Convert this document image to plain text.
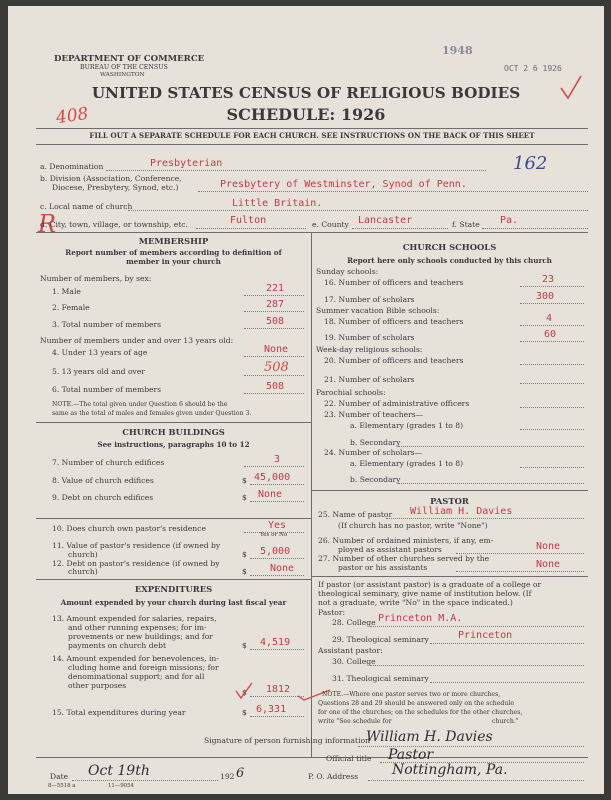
1948
OCT 2 6 1926
408
162
R
DEPARTMENT OF COMMERCE
BUREAU OF THE CENSUS
WASHINGTON
UNITED STATES CENSUS OF RELIGIOUS BODIES
SCHEDULE: 1926
FILL OUT A SEPARATE SCHEDULE FOR EACH CHURCH. SEE INSTRUCTIONS ON THE BACK OF THIS SHEET
a. Denomination	Presbyterian
b. Division (Association, Conference,
Diocese, Presbytery, Synod, etc.)	Presbytery of Westminster, Synod of Penn.
c. Local name of church	Little Britain.
d. City, town, village, or township, etc.	Fulton	e. County Lancaster	f. State Pa.
MEMBERSHIP
Report number of members according to definition of
member in your church
Number of members, by sex:
1. Male	221
2. Female	287
3. Total number of members	508
Number of members under and over 13 years old:
4. Under 13 years of age	None
5. 13 years old and over	508
6. Total number of members	508
NOTE.—The total given under Question 6 should be the
same as the total of males and females given under Question 3.
CHURCH BUILDINGS
See instructions, paragraphs 10 to 12
7. Number of church edifices	3
8. Value of church edifices	$ 45,000
9. Debt on church edifices	$ None
10. Does church own pastor's residence	Yes
Yes or No
11. Value of pastor's residence (if owned by
church)	$ 5,000
12. Debt on pastor's residence (if owned by
church)	$ None
EXPENDITURES
Amount expended by your church during last fiscal year
13. Amount expended for salaries, repairs,
and other running expenses; for im-
provements or new buildings; and for
payments on church debt	$ 4,519
14. Amount expended for benevolences, in-
cluding home and foreign missions; for
denominational support; and for all
other purposes
$ 1812
15. Total expenditures during year	$ 6,331
CHURCH SCHOOLS
Report here only schools conducted by this church
Sunday schools:
16. Number of officers and teachers	23
17. Number of scholars	300
Summer vacation Bible schools:
18. Number of officers and teachers	4
19. Number of scholars	60
Week-day religious schools:
20. Number of officers and teachers
21. Number of scholars
Parochial schools:
22. Number of administrative officers
23. Number of teachers—
a. Elementary (grades 1 to 8)
b. Secondary
24. Number of scholars—
a. Elementary (grades 1 to 8)
b. Secondary
PASTOR
25. Name of pastor William H. Davies
(If church has no pastor, write "None")
26. Number of ordained ministers, if any, em-
ployed as assistant pastors	None
27. Number of other churches served by the
pastor or his assistants	None
If pastor (or assistant pastor) is a graduate of a college or
theological seminary, give name of institution below. (If
not a graduate, write "No" in the space indicated.)
Pastor:
28. College Princeton M.A.
29. Theological seminary	Princeton
Assistant pastor:
30. College
31. Theological seminary
NOTE.—Where one pastor serves two or more churches,
Questions 28 and 29 should be answered only on the schedule
for one of the churches; on the schedules for the other churches,
write "See schedule for	church."
Signature of person furnishing information
William H. Davies
Official title Pastor
Date Oct 19th	192 6	P. O. Address Nottingham, Pa.
8—5518 a	11—9054
